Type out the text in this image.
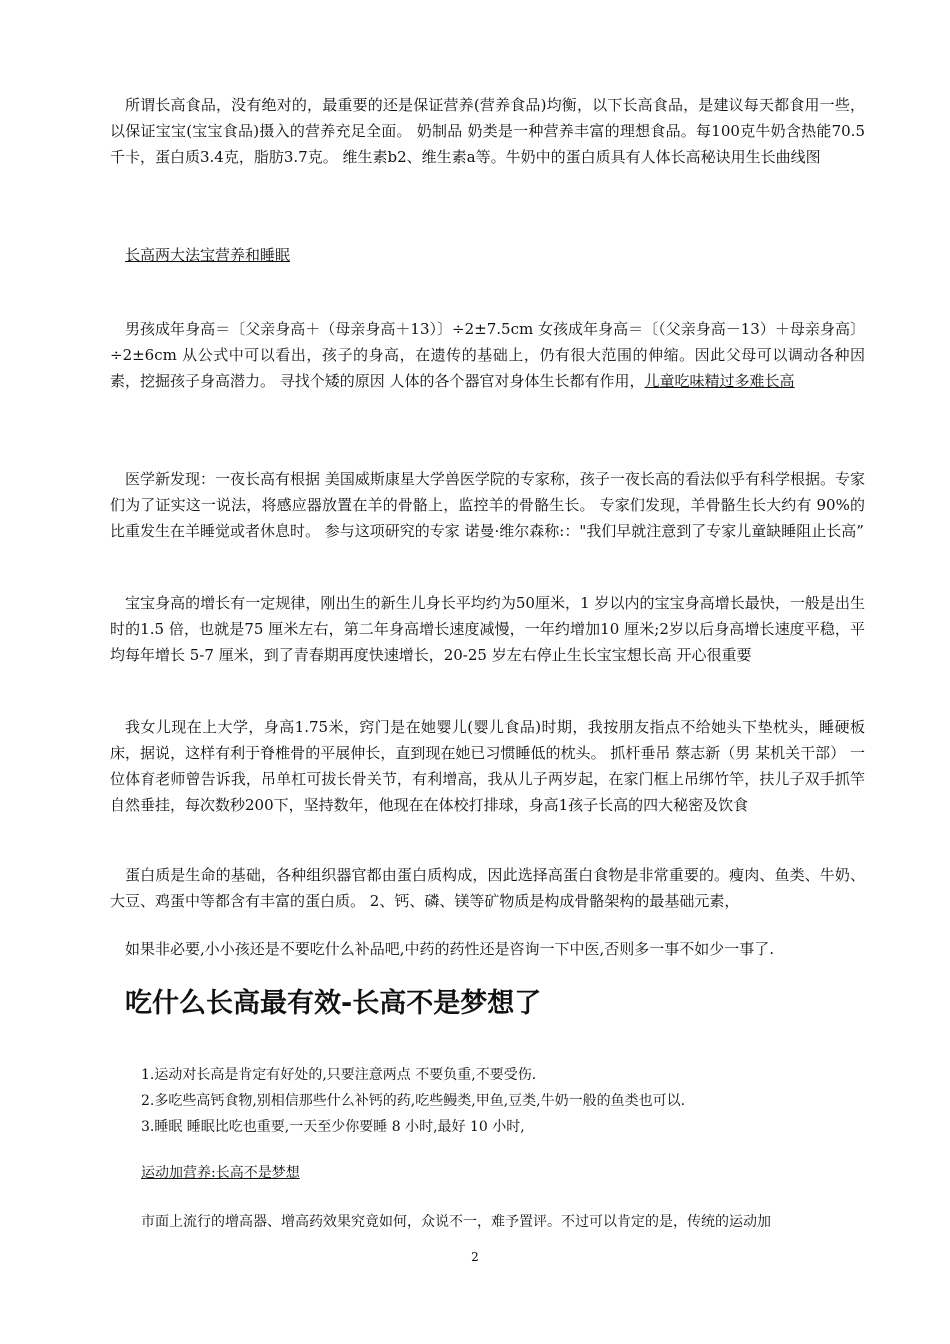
所谓长高食品，没有绝对的，最重要的还是保证营养(营养食品)均衡，以下长高食品，是建议每天都食用一些，以保证宝宝(宝宝食品)摄入的营养充足全面。 奶制品 奶类是一种营养丰富的理想食品。每100克牛奶含热能70.5千卡，蛋白质3.4克，脂肪3.7克。 维生素b2、维生素a等。牛奶中的蛋白质具有人体长高秘诀用生长曲线图

长高两大法宝营养和睡眠

男孩成年身高＝〔父亲身高＋（母亲身高＋13）〕÷2±7.5cm 女孩成年身高＝〔（父亲身高－13）＋母亲身高〕÷2±6cm 从公式中可以看出，孩子的身高，在遗传的基础上，仍有很大范围的伸缩。因此父母可以调动各种因素，挖掘孩子身高潜力。 寻找个矮的原因 人体的各个器官对身体生长都有作用，儿童吃味精过多难长高

医学新发现：一夜长高有根据 美国威斯康星大学兽医学院的专家称，孩子一夜长高的看法似乎有科学根据。专家们为了证实这一说法，将感应器放置在羊的骨骼上，监控羊的骨骼生长。 专家们发现，羊骨骼生长大约有 90%的比重发生在羊睡觉或者休息时。 参与这项研究的专家 诺曼·维尔森称:："我们早就注意到了专家儿童缺睡阻止长高”

宝宝身高的增长有一定规律，刚出生的新生儿身长平均约为50厘米，1 岁以内的宝宝身高增长最快，一般是出生时的1.5 倍，也就是75 厘米左右，第二年身高增长速度减慢，一年约增加10 厘米;2岁以后身高增长速度平稳，平均每年增长 5-7 厘米，到了青春期再度快速增长，20-25 岁左右停止生长宝宝想长高 开心很重要

我女儿现在上大学，身高1.75米，窍门是在她婴儿(婴儿食品)时期，我按朋友指点不给她头下垫枕头，睡硬板床，据说，这样有利于脊椎骨的平展伸长，直到现在她已习惯睡低的枕头。 抓杆垂吊 蔡志新（男 某机关干部） 一位体育老师曾告诉我，吊单杠可拔长骨关节，有利增高，我从儿子两岁起，在家门框上吊绑竹竿，扶儿子双手抓竿自然垂挂，每次数秒200下，坚持数年，他现在在体校打排球，身高1孩子长高的四大秘密及饮食

蛋白质是生命的基础，各种组织器官都由蛋白质构成，因此选择高蛋白食物是非常重要的。瘦肉、鱼类、牛奶、大豆、鸡蛋中等都含有丰富的蛋白质。 2、钙、磷、镁等矿物质是构成骨骼架构的最基础元素，

如果非必要,小小孩还是不要吃什么补品吧,中药的药性还是咨询一下中医,否则多一事不如少一事了.

吃什么长高最有效-长高不是梦想了
1.运动对长高是肯定有好处的,只要注意两点 不要负重,不要受伤.
2.多吃些高钙食物,别相信那些什么补钙的药,吃些鳗类,甲鱼,豆类,牛奶一般的鱼类也可以.
3.睡眠 睡眠比吃也重要,一天至少你要睡 8 小时,最好 10 小时,

运动加营养:长高不是梦想

市面上流行的增高器、增高药效果究竟如何，众说不一，难予置评。不过可以肯定的是，传统的运动加

2
